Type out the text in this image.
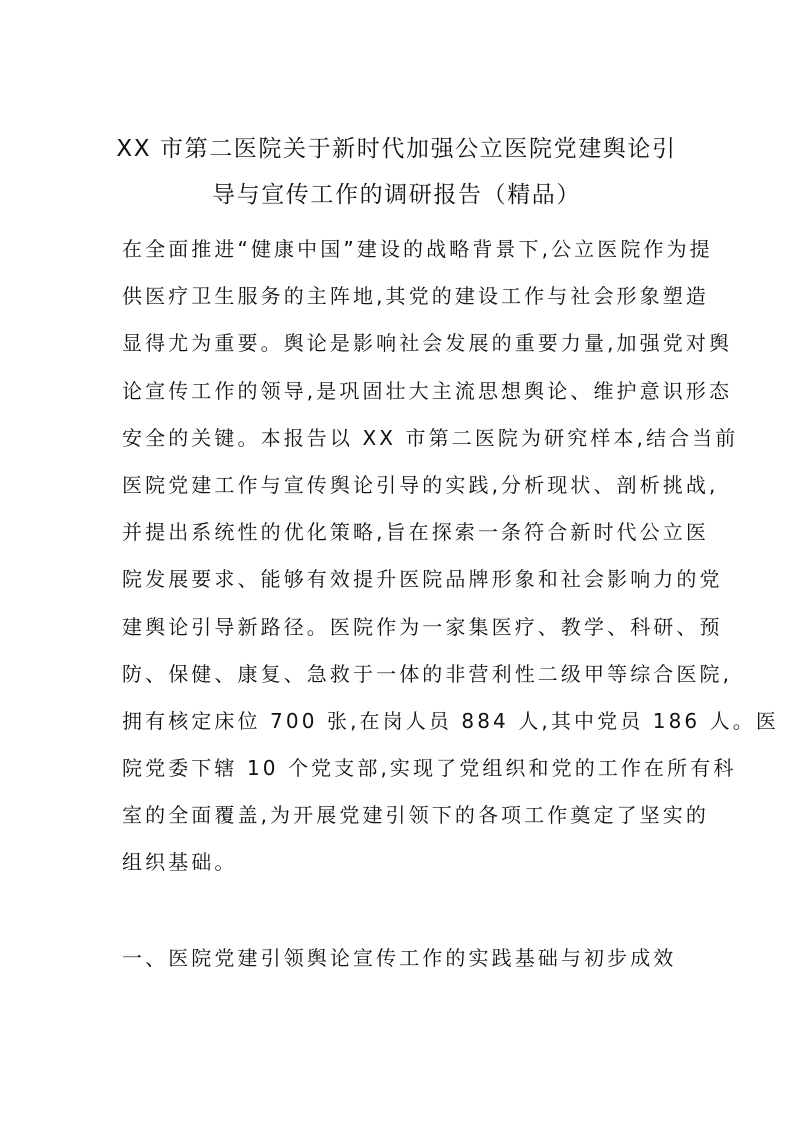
XX 市第二医院关于新时代加强公立医院党建舆论引
导与宣传工作的调研报告（精品）
在全面推进“健康中国”建设的战略背景下,公立医院作为提
供医疗卫生服务的主阵地,其党的建设工作与社会形象塑造
显得尤为重要。舆论是影响社会发展的重要力量,加强党对舆
论宣传工作的领导,是巩固壮大主流思想舆论、维护意识形态
安全的关键。本报告以 XX 市第二医院为研究样本,结合当前
医院党建工作与宣传舆论引导的实践,分析现状、剖析挑战,
并提出系统性的优化策略,旨在探索一条符合新时代公立医
院发展要求、能够有效提升医院品牌形象和社会影响力的党
建舆论引导新路径。医院作为一家集医疗、教学、科研、预
防、保健、康复、急救于一体的非营利性二级甲等综合医院,
拥有核定床位 700 张,在岗人员 884 人,其中党员 186 人。医
院党委下辖 10 个党支部,实现了党组织和党的工作在所有科
室的全面覆盖,为开展党建引领下的各项工作奠定了坚实的
组织基础。
一、医院党建引领舆论宣传工作的实践基础与初步成效
